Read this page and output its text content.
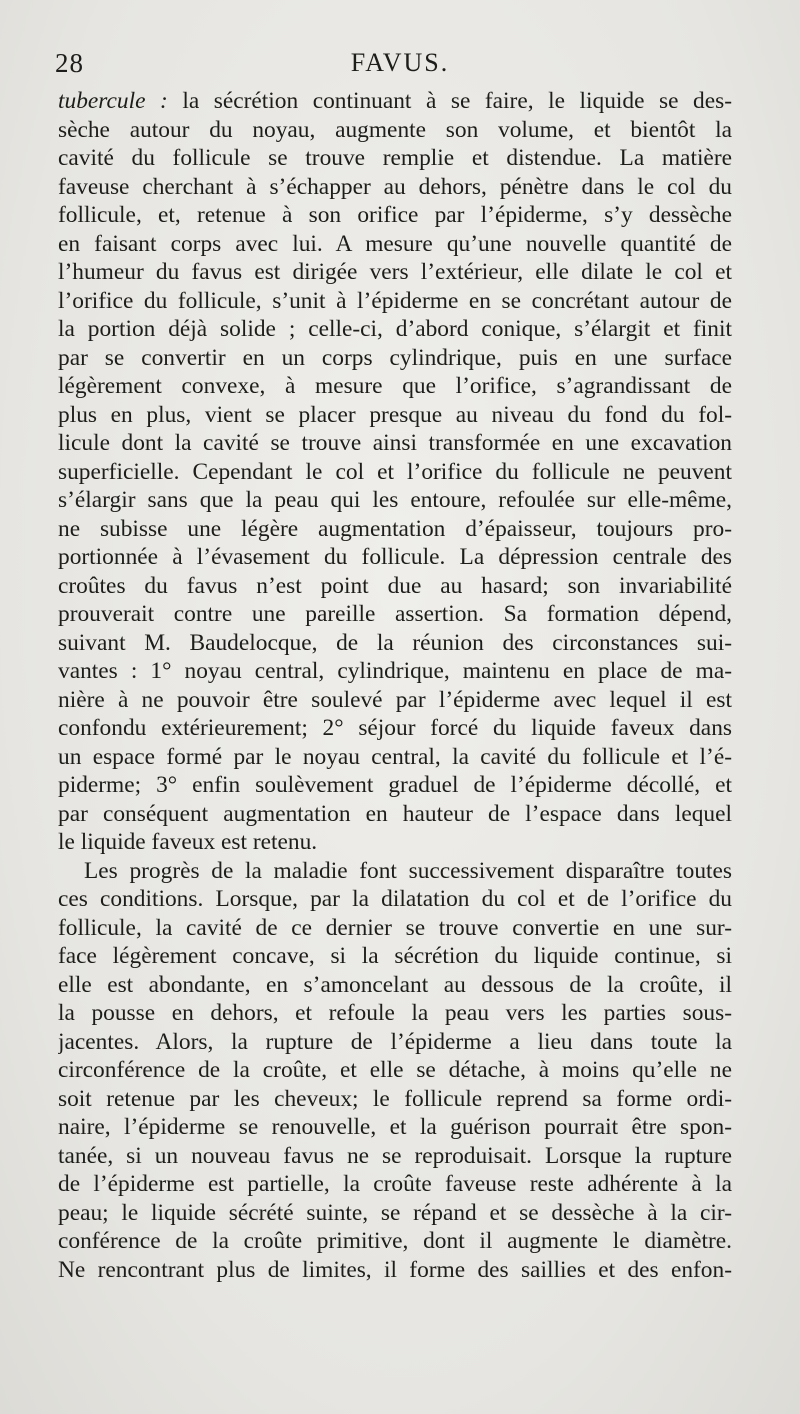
28	FAVUS.
tubercule : la sécrétion continuant à se faire, le liquide se des-
sèche autour du noyau, augmente son volume, et bientôt la
cavité du follicule se trouve remplie et distendue. La matière
faveuse cherchant à s’échapper au dehors, pénètre dans le col du
follicule, et, retenue à son orifice par l’épiderme, s’y dessèche
en faisant corps avec lui. A mesure qu’une nouvelle quantité de
l’humeur du favus est dirigée vers l’extérieur, elle dilate le col et
l’orifice du follicule, s’unit à l’épiderme en se concrétant autour de
la portion déjà solide ; celle-ci, d’abord conique, s’élargit et finit
par se convertir en un corps cylindrique, puis en une surface
légèrement convexe, à mesure que l’orifice, s’agrandissant de
plus en plus, vient se placer presque au niveau du fond du fol-
licule dont la cavité se trouve ainsi transformée en une excavation
superficielle. Cependant le col et l’orifice du follicule ne peuvent
s’élargir sans que la peau qui les entoure, refoulée sur elle-même,
ne subisse une légère augmentation d’épaisseur, toujours pro-
portionnée à l’évasement du follicule. La dépression centrale des
croûtes du favus n’est point due au hasard; son invariabilité
prouverait contre une pareille assertion. Sa formation dépend,
suivant M. Baudelocque, de la réunion des circonstances sui-
vantes : 1° noyau central, cylindrique, maintenu en place de ma-
nière à ne pouvoir être soulevé par l’épiderme avec lequel il est
confondu extérieurement; 2° séjour forcé du liquide faveux dans
un espace formé par le noyau central, la cavité du follicule et l’é-
piderme; 3° enfin soulèvement graduel de l’épiderme décollé, et
par conséquent augmentation en hauteur de l’espace dans lequel
le liquide faveux est retenu.
Les progrès de la maladie font successivement disparaître toutes
ces conditions. Lorsque, par la dilatation du col et de l’orifice du
follicule, la cavité de ce dernier se trouve convertie en une sur-
face légèrement concave, si la sécrétion du liquide continue, si
elle est abondante, en s’amoncelant au dessous de la croûte, il
la pousse en dehors, et refoule la peau vers les parties sous-
jacentes. Alors, la rupture de l’épiderme a lieu dans toute la
circonférence de la croûte, et elle se détache, à moins qu’elle ne
soit retenue par les cheveux; le follicule reprend sa forme ordi-
naire, l’épiderme se renouvelle, et la guérison pourrait être spon-
tanée, si un nouveau favus ne se reproduisait. Lorsque la rupture
de l’épiderme est partielle, la croûte faveuse reste adhérente à la
peau; le liquide sécrété suinte, se répand et se dessèche à la cir-
conférence de la croûte primitive, dont il augmente le diamètre.
Ne rencontrant plus de limites, il forme des saillies et des enfon-
